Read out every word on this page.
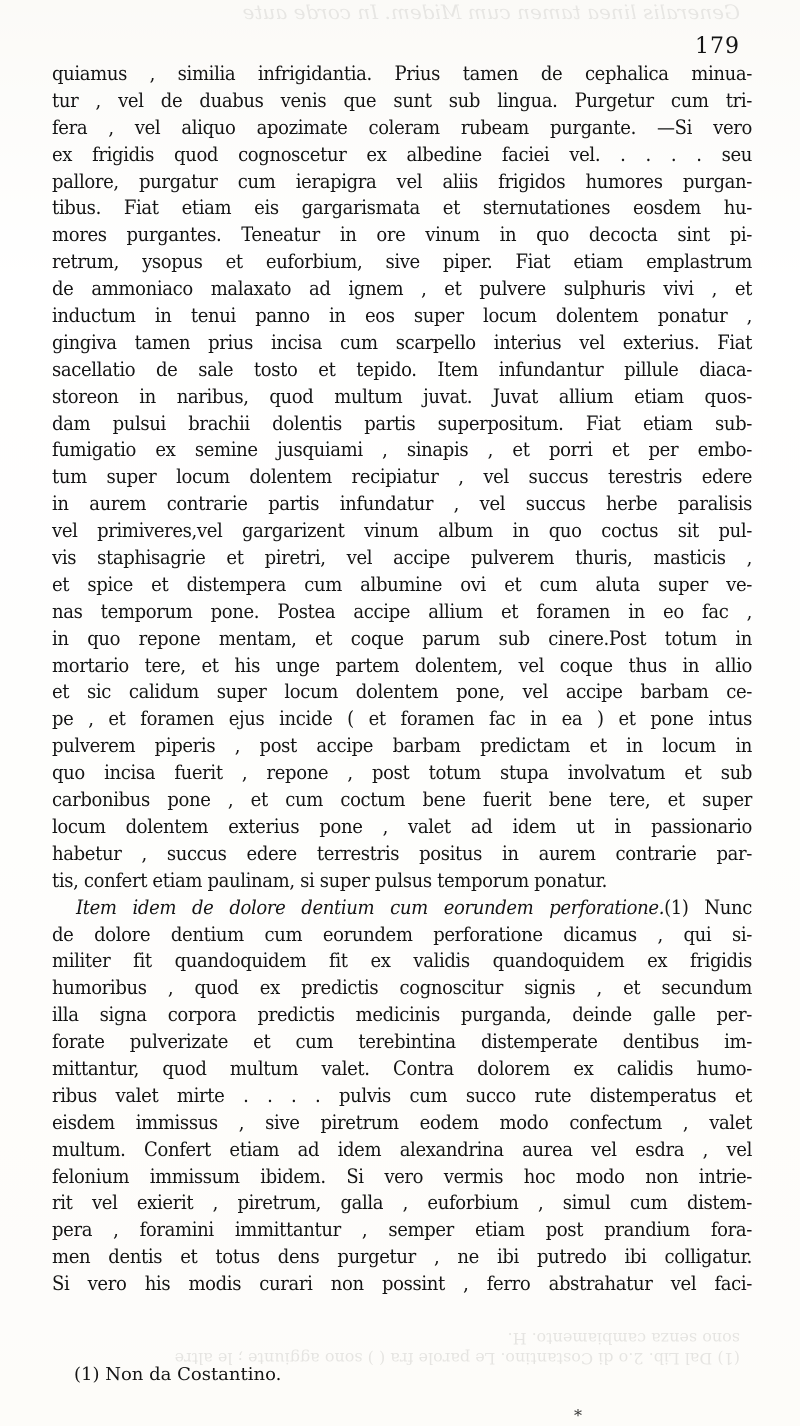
Generalis linea tamen cum Midem. In corde aute
179
quiamus , similia infrigidantia. Prius tamen de cephalica minua-
tur , vel de duabus venis que sunt sub lingua. Purgetur cum tri-
fera , vel aliquo apozimate coleram rubeam purgante. —Si vero
ex frigidis quod cognoscetur ex albedine faciei vel. . . . . seu
pallore, purgatur cum ierapigra vel aliis frigidos humores purgan-
tibus. Fiat etiam eis gargarismata et sternutationes eosdem hu-
mores purgantes. Teneatur in ore vinum in quo decocta sint pi-
retrum, ysopus et euforbium, sive piper. Fiat etiam emplastrum
de ammoniaco malaxato ad ignem , et pulvere sulphuris vivi , et
inductum in tenui panno in eos super locum dolentem ponatur ,
gingiva tamen prius incisa cum scarpello interius vel exterius. Fiat
sacellatio de sale tosto et tepido. Item infundantur pillule diaca-
storeon in naribus, quod multum juvat. Juvat allium etiam quos-
dam pulsui brachii dolentis partis superpositum. Fiat etiam sub-
fumigatio ex semine jusquiami , sinapis , et porri et per embo-
tum super locum dolentem recipiatur , vel succus terestris edere
in aurem contrarie partis infundatur , vel succus herbe paralisis
vel primiveres,vel gargarizent vinum album in quo coctus sit pul-
vis staphisagrie et piretri, vel accipe pulverem thuris, masticis ,
et spice et distempera cum albumine ovi et cum aluta super ve-
nas temporum pone. Postea accipe allium et foramen in eo fac ,
in quo repone mentam, et coque parum sub cinere.Post totum in
mortario tere, et his unge partem dolentem, vel coque thus in allio
et sic calidum super locum dolentem pone, vel accipe barbam ce-
pe , et foramen ejus incide ( et foramen fac in ea ) et pone intus
pulverem piperis , post accipe barbam predictam et in locum in
quo incisa fuerit , repone , post totum stupa involvatum et sub
carbonibus pone , et cum coctum bene fuerit bene tere, et super
locum dolentem exterius pone , valet ad idem ut in passionario
habetur , succus edere terrestris positus in aurem contrarie par-
tis, confert etiam paulinam, si super pulsus temporum ponatur.
Item idem de dolore dentium cum eorundem perforatione.(1) Nunc
de dolore dentium cum eorundem perforatione dicamus , qui si-
militer fit quandoquidem fit ex validis quandoquidem ex frigidis
humoribus , quod ex predictis cognoscitur signis , et secundum
illa signa corpora predictis medicinis purganda, deinde galle per-
forate pulverizate et cum terebintina distemperate dentibus im-
mittantur, quod multum valet. Contra dolorem ex calidis humo-
ribus valet mirte . . . . pulvis cum succo rute distemperatus et
eisdem immissus , sive piretrum eodem modo confectum , valet
multum. Confert etiam ad idem alexandrina aurea vel esdra , vel
felonium immissum ibidem. Si vero vermis hoc modo non intrie-
rit vel exierit , piretrum, galla , euforbium , simul cum distem-
pera , foramini immittantur , semper etiam post prandium fora-
men dentis et totus dens purgetur , ne ibi putredo ibi colligatur.
Si vero his modis curari non possint , ferro abstrahatur vel faci-
(1) Dal Lib. 2.o di Costantino. Le parole fra ( ) sono aggiunte ; le altre
sono senza cambiamento. H.
(1) Non da Costantino.
*
